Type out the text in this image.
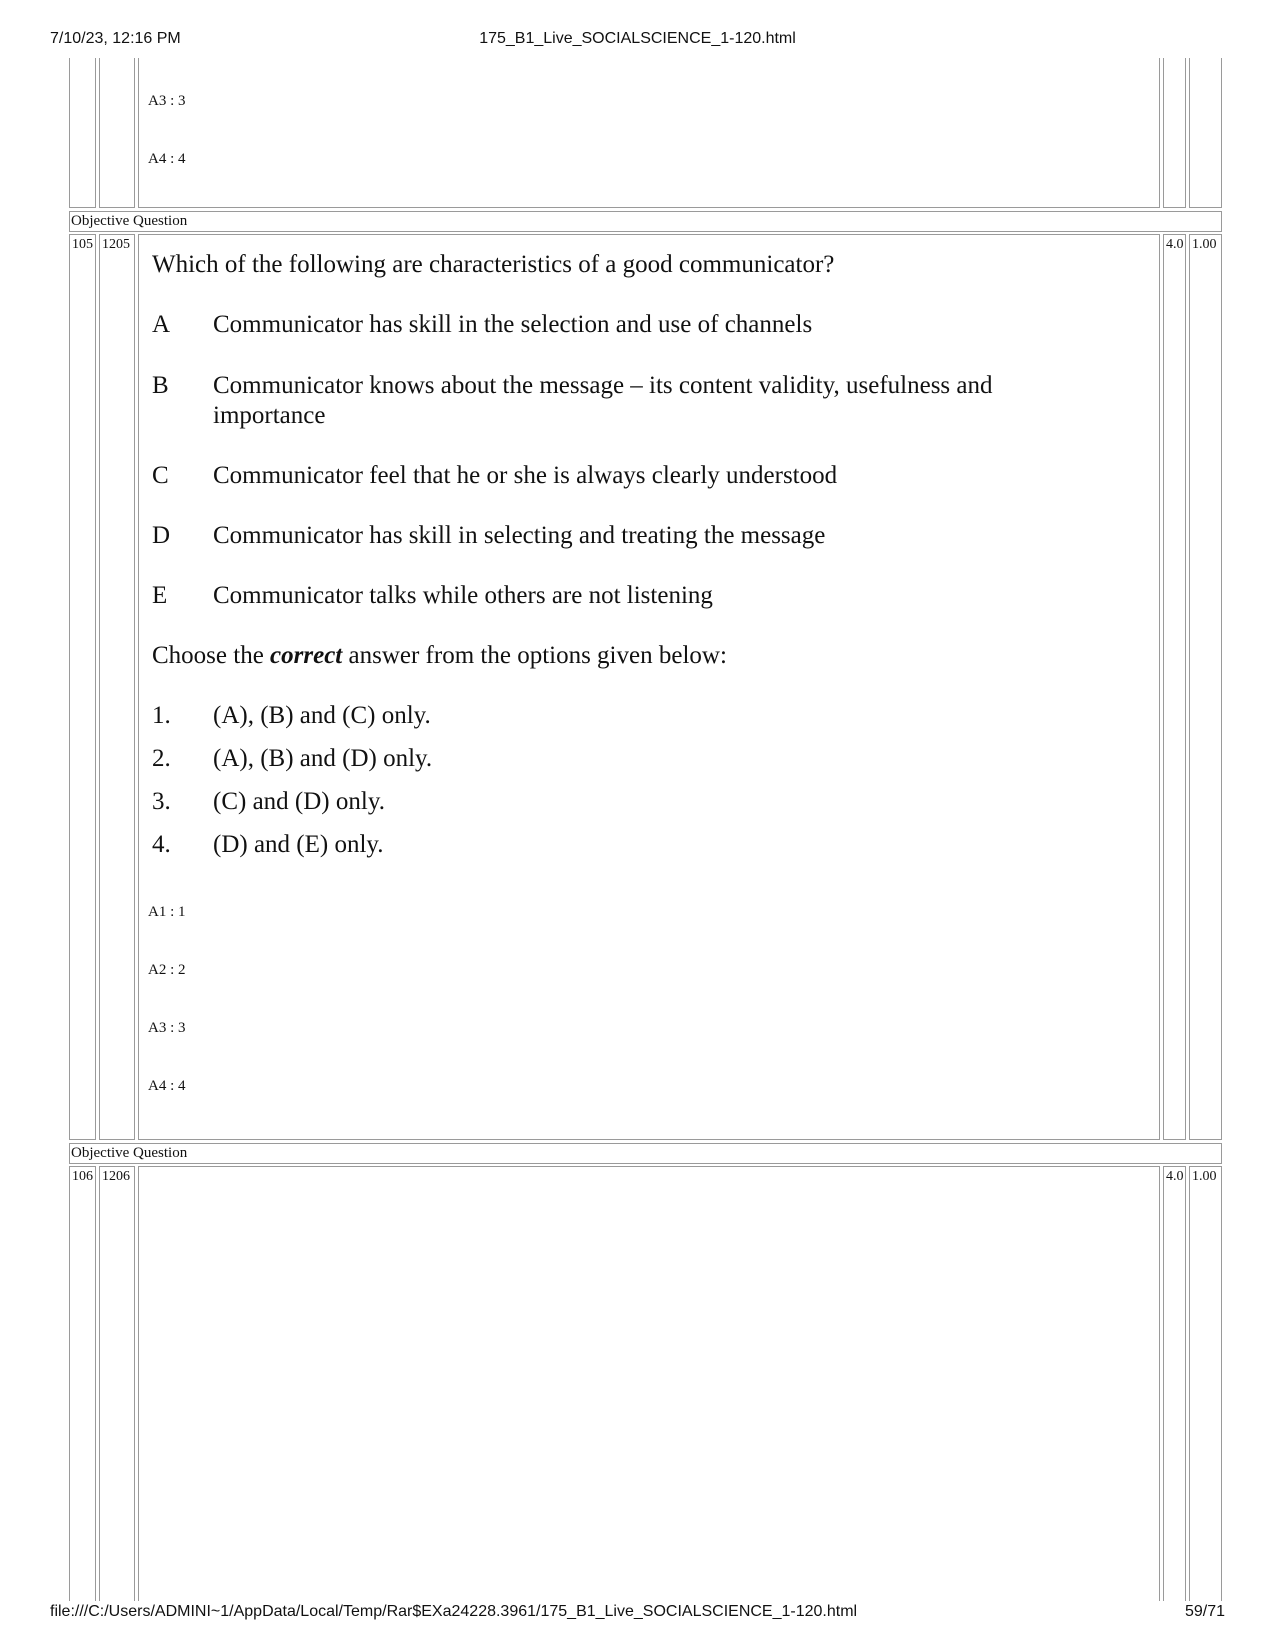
7/10/23, 12:16 PM	175_B1_Live_SOCIALSCIENCE_1-120.html
A3 : 3
A4 : 4
Objective Question
105 1205	4.0 1.00
Which of the following are characteristics of a good communicator?
A Communicator has skill in the selection and use of channels
B Communicator knows about the message – its content validity, usefulness and importance
C Communicator feel that he or she is always clearly understood
D Communicator has skill in selecting and treating the message
E Communicator talks while others are not listening
Choose the correct answer from the options given below:
1. (A), (B) and (C) only.
2. (A), (B) and (D) only.
3. (C) and (D) only.
4. (D) and (E) only.
A1 : 1
A2 : 2
A3 : 3
A4 : 4
Objective Question
106 1206	4.0 1.00
file:///C:/Users/ADMINI~1/AppData/Local/Temp/Rar$EXa24228.3961/175_B1_Live_SOCIALSCIENCE_1-120.html	59/71
